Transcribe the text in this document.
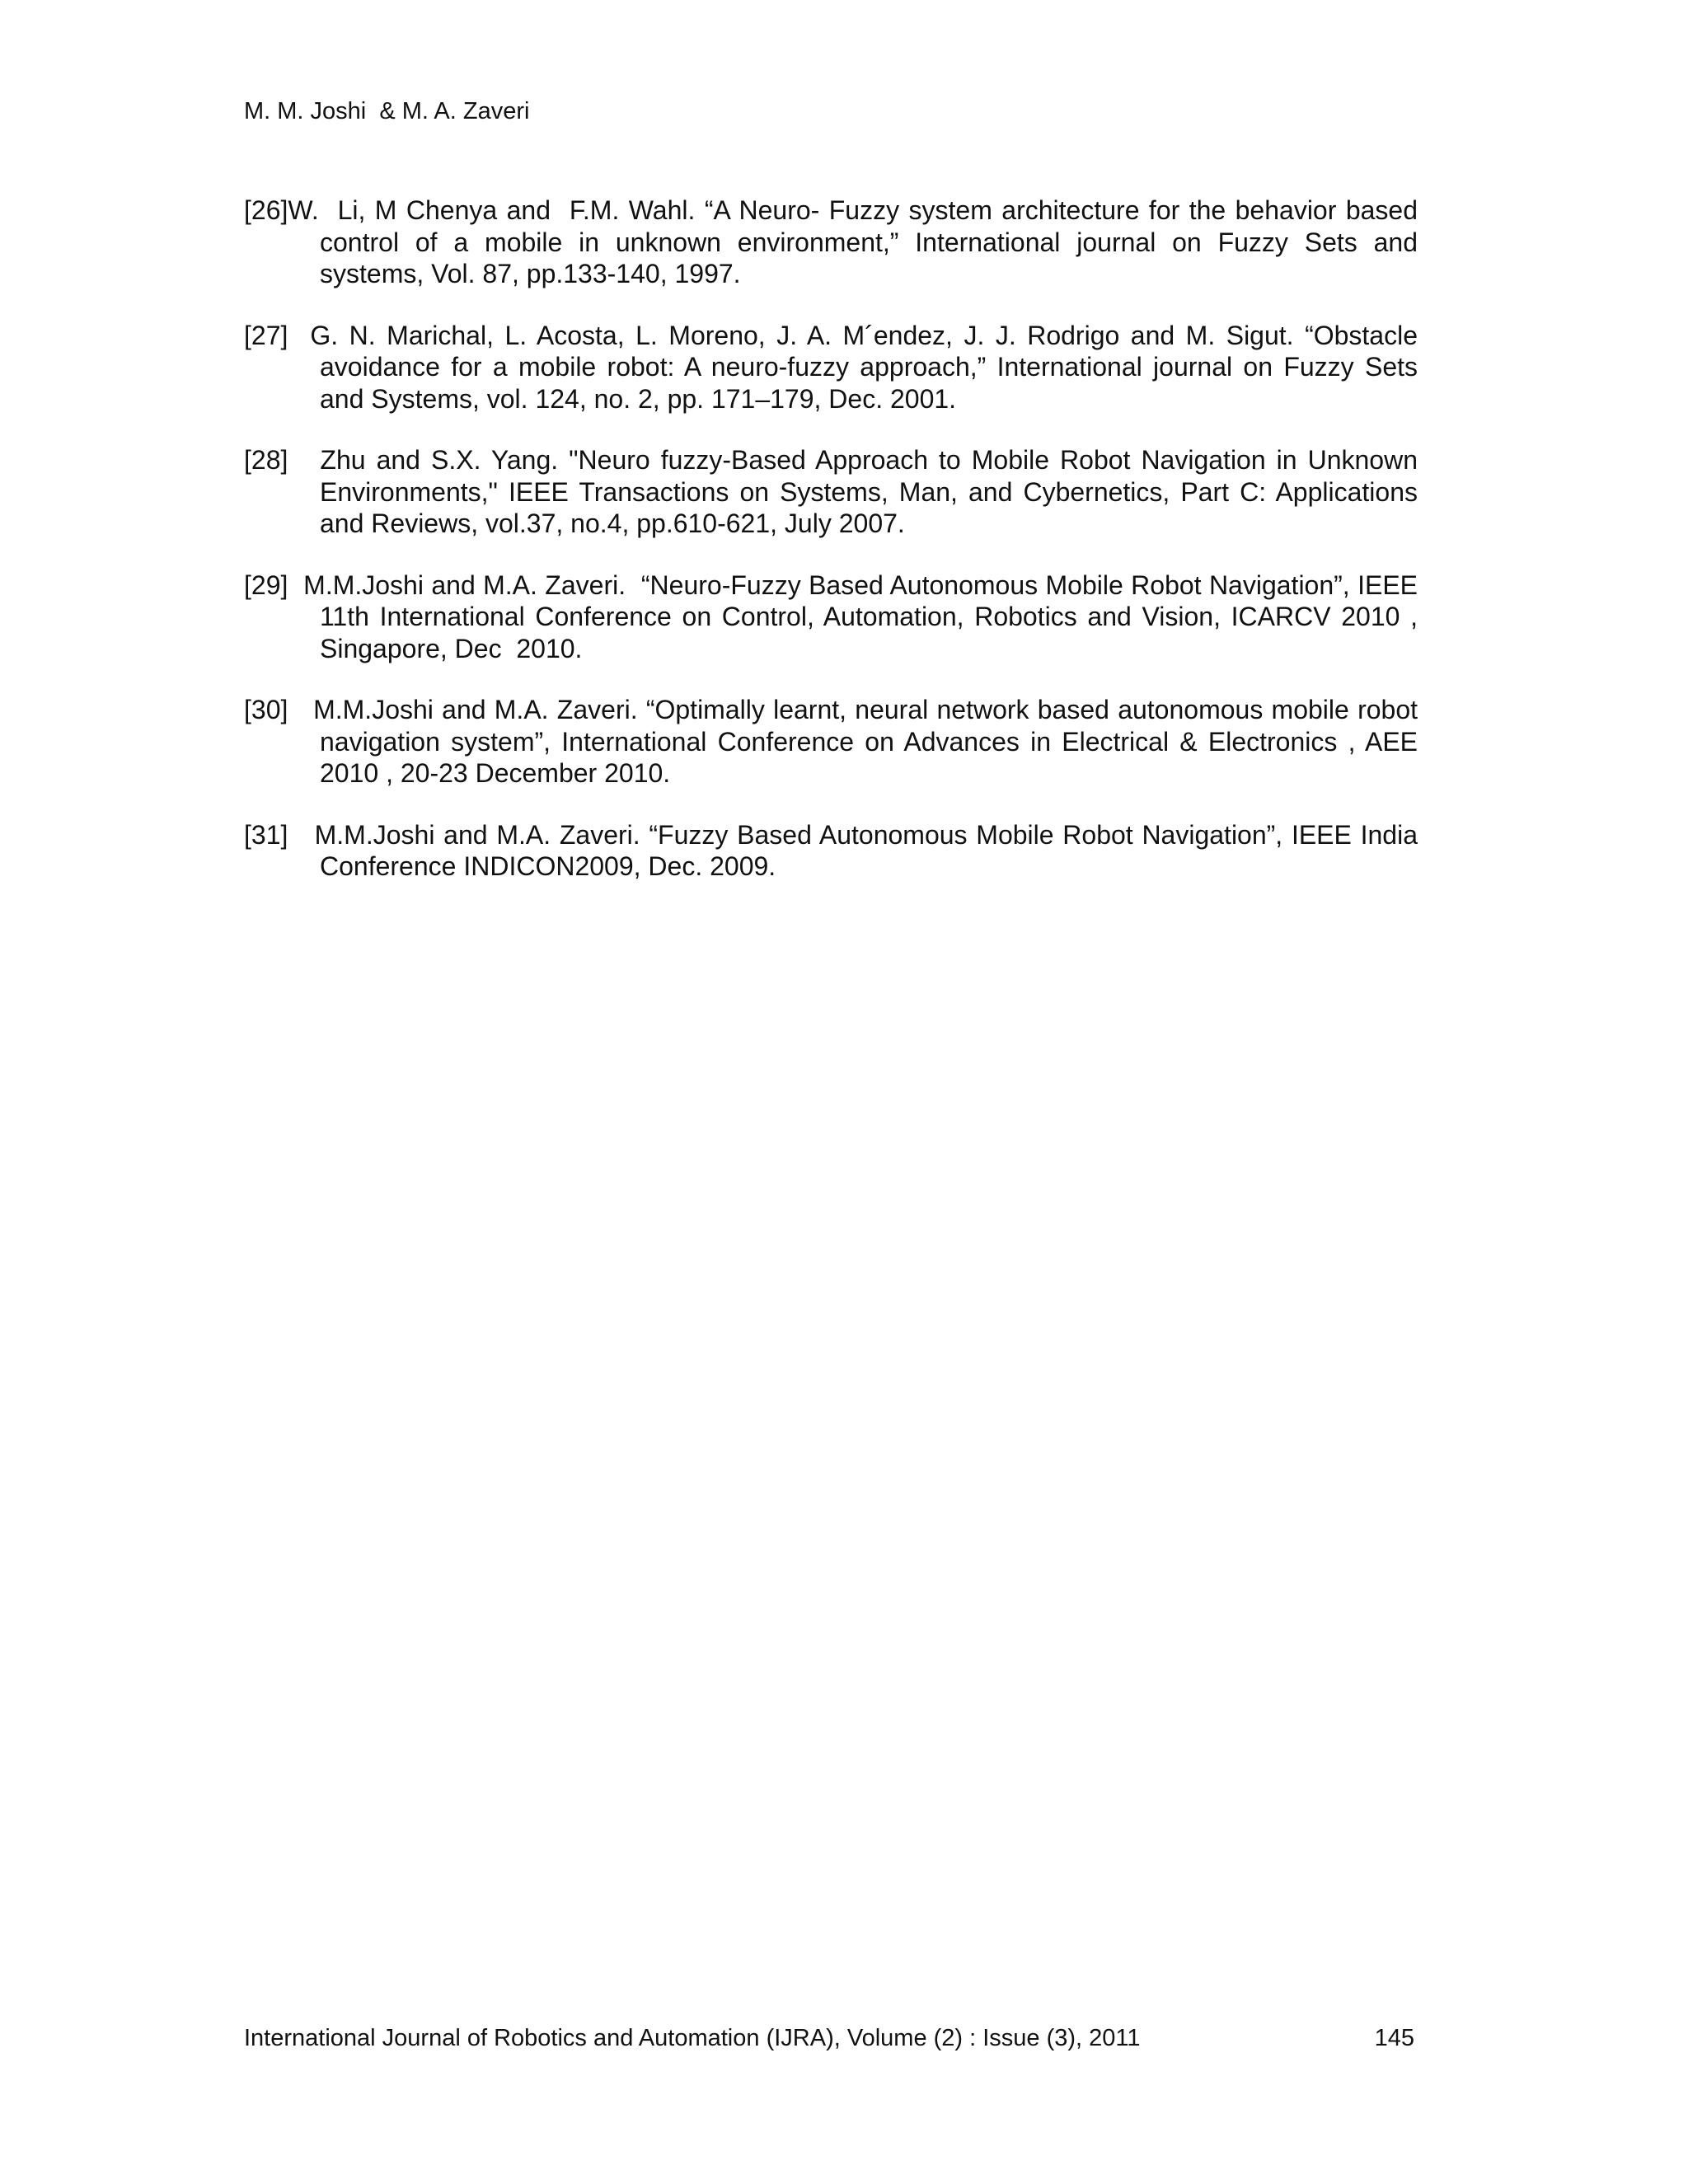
M. M. Joshi  & M. A. Zaveri

[26]W.  Li, M Chenya and  F.M. Wahl. “A Neuro- Fuzzy system architecture for the behavior based control of a mobile in unknown environment,” International journal on Fuzzy Sets and systems, Vol. 87, pp.133-140, 1997.

[27]  G. N. Marichal, L. Acosta, L. Moreno, J. A. M´endez, J. J. Rodrigo and M. Sigut. “Obstacle avoidance for a mobile robot: A neuro-fuzzy approach,” International journal on Fuzzy Sets and Systems, vol. 124, no. 2, pp. 171–179, Dec. 2001.

[28]   Zhu and S.X. Yang. "Neuro fuzzy-Based Approach to Mobile Robot Navigation in Unknown Environments," IEEE Transactions on Systems, Man, and Cybernetics, Part C: Applications and Reviews, vol.37, no.4, pp.610-621, July 2007.

[29]  M.M.Joshi and M.A. Zaveri.  “Neuro-Fuzzy Based Autonomous Mobile Robot Navigation”, IEEE 11th International Conference on Control, Automation, Robotics and Vision, ICARCV 2010 , Singapore, Dec  2010.

[30]   M.M.Joshi and M.A. Zaveri. “Optimally learnt, neural network based autonomous mobile robot navigation system”, International Conference on Advances in Electrical & Electronics , AEE 2010 , 20-23 December 2010.

[31]   M.M.Joshi and M.A. Zaveri. “Fuzzy Based Autonomous Mobile Robot Navigation”, IEEE India Conference INDICON2009, Dec. 2009.

International Journal of Robotics and Automation (IJRA), Volume (2) : Issue (3), 2011	145
